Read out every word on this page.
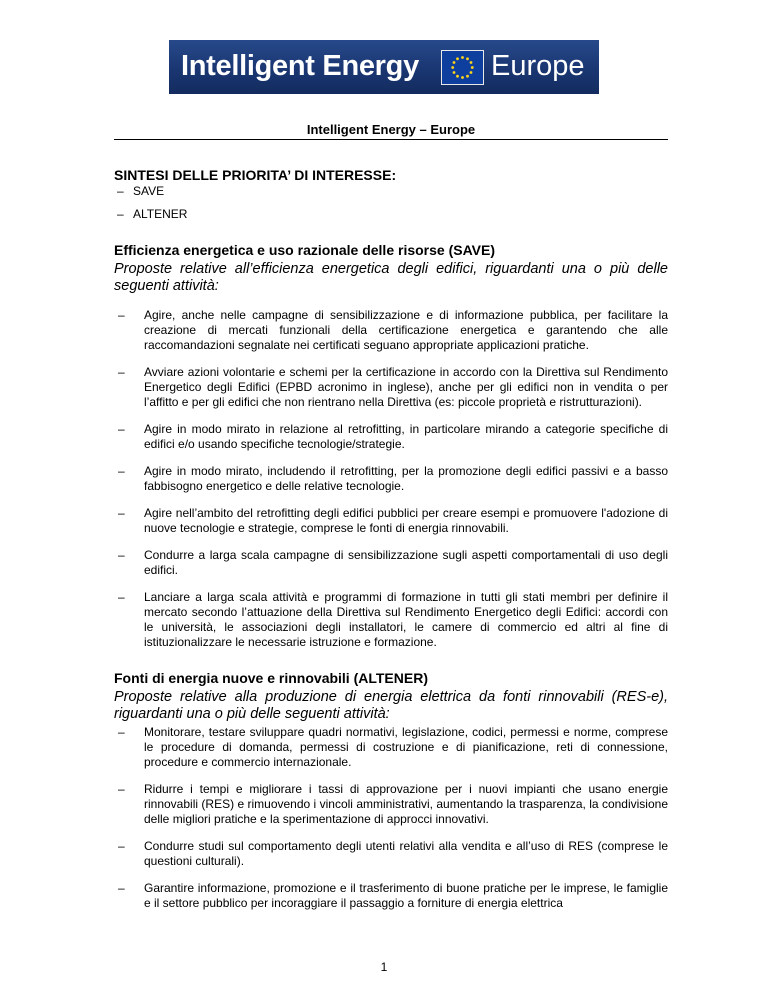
Intelligent Energy Europe
Intelligent Energy – Europe
SINTESI DELLE PRIORITA’ DI INTERESSE:
– SAVE
– ALTENER
Efficienza energetica e uso razionale delle risorse (SAVE)
Proposte relative all’efficienza energetica degli edifici, riguardanti una o più delle seguenti attività:
– Agire, anche nelle campagne di sensibilizzazione e di informazione pubblica, per facilitare la creazione di mercati funzionali della certificazione energetica e garantendo che alle raccomandazioni segnalate nei certificati seguano appropriate applicazioni pratiche.
– Avviare azioni volontarie e schemi per la certificazione in accordo con la Direttiva sul Rendimento Energetico degli Edifici (EPBD acronimo in inglese), anche per gli edifici non in vendita o per l’affitto e per gli edifici che non rientrano nella Direttiva (es: piccole proprietà e ristrutturazioni).
– Agire in modo mirato in relazione al retrofitting, in particolare mirando a categorie specifiche di edifici e/o usando specifiche tecnologie/strategie.
– Agire in modo mirato, includendo il retrofitting, per la promozione degli edifici passivi e a basso fabbisogno energetico e delle relative tecnologie.
– Agire nell’ambito del retrofitting degli edifici pubblici per creare esempi e promuovere l'adozione di nuove tecnologie e strategie, comprese le fonti di energia rinnovabili.
– Condurre a larga scala campagne di sensibilizzazione sugli aspetti comportamentali di uso degli edifici.
– Lanciare a larga scala attività e programmi di formazione in tutti gli stati membri per definire il mercato secondo l’attuazione della Direttiva sul Rendimento Energetico degli Edifici: accordi con le università, le associazioni degli installatori, le camere di commercio ed altri al fine di istituzionalizzare le necessarie istruzione e formazione.
Fonti di energia nuove e rinnovabili (ALTENER)
Proposte relative alla produzione di energia elettrica da fonti rinnovabili (RES-e), riguardanti una o più delle seguenti attività:
– Monitorare, testare sviluppare quadri normativi, legislazione, codici, permessi e norme, comprese le procedure di domanda, permessi di costruzione e di pianificazione, reti di connessione, procedure e commercio internazionale.
– Ridurre i tempi e migliorare i tassi di approvazione per i nuovi impianti che usano energie rinnovabili (RES) e rimuovendo i vincoli amministrativi, aumentando la trasparenza, la condivisione delle migliori pratiche e la sperimentazione di approcci innovativi.
– Condurre studi sul comportamento degli utenti relativi alla vendita e all’uso di RES (comprese le questioni culturali).
– Garantire informazione, promozione e il trasferimento di buone pratiche per le imprese, le famiglie e il settore pubblico per incoraggiare il passaggio a forniture di energia elettrica
1
